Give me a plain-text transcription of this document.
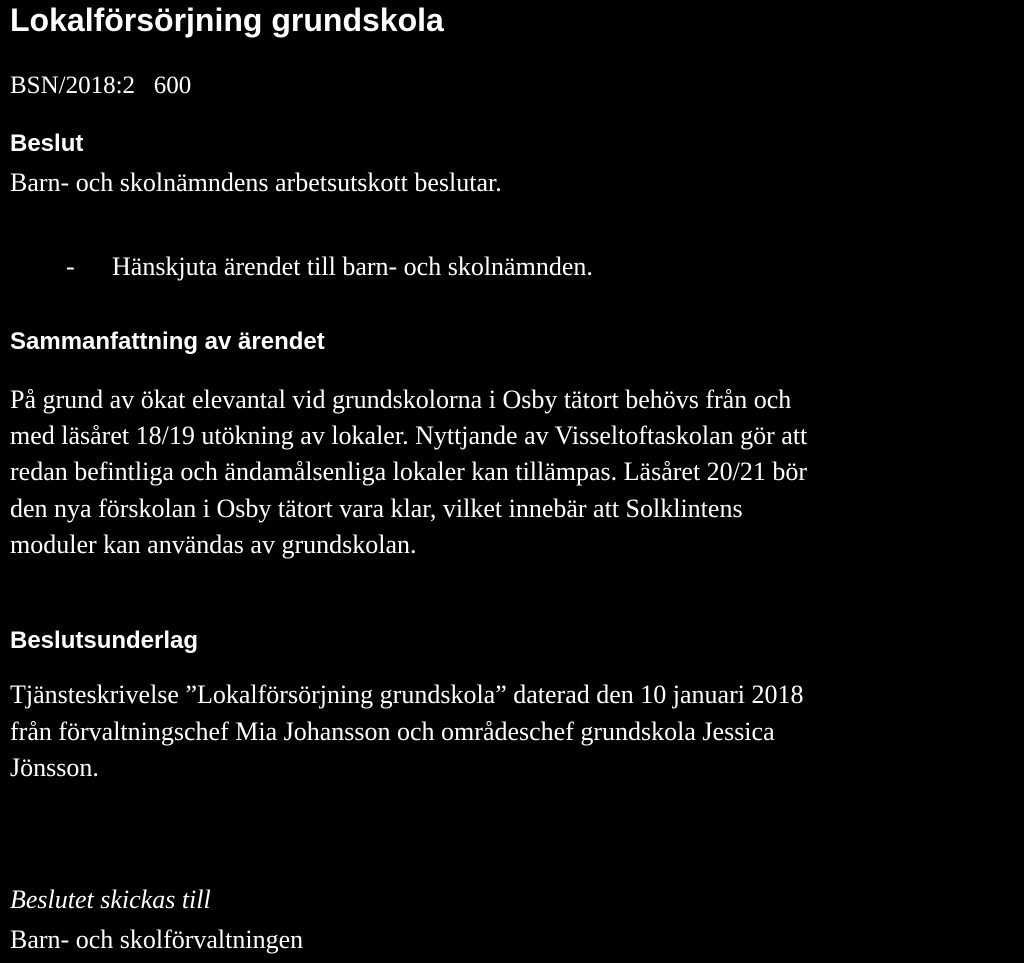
Lokalförsörjning grundskola

BSN/2018:2   600

Beslut

Barn- och skolnämndens arbetsutskott beslutar.

- Hänskjuta ärendet till barn- och skolnämnden.

Sammanfattning av ärendet

På grund av ökat elevantal vid grundskolorna i Osby tätort behövs från och

med läsåret 18/19 utökning av lokaler. Nyttjande av Visseltoftaskolan gör att

redan befintliga och ändamålsenliga lokaler kan tillämpas. Läsåret 20/21 bör

den nya förskolan i Osby tätort vara klar, vilket innebär att Solklintens

moduler kan användas av grundskolan.

Beslutsunderlag

Tjänsteskrivelse ”Lokalförsörjning grundskola” daterad den 10 januari 2018

från förvaltningschef Mia Johansson och områdeschef grundskola Jessica

Jönsson.

Beslutet skickas till

Barn- och skolförvaltningen
